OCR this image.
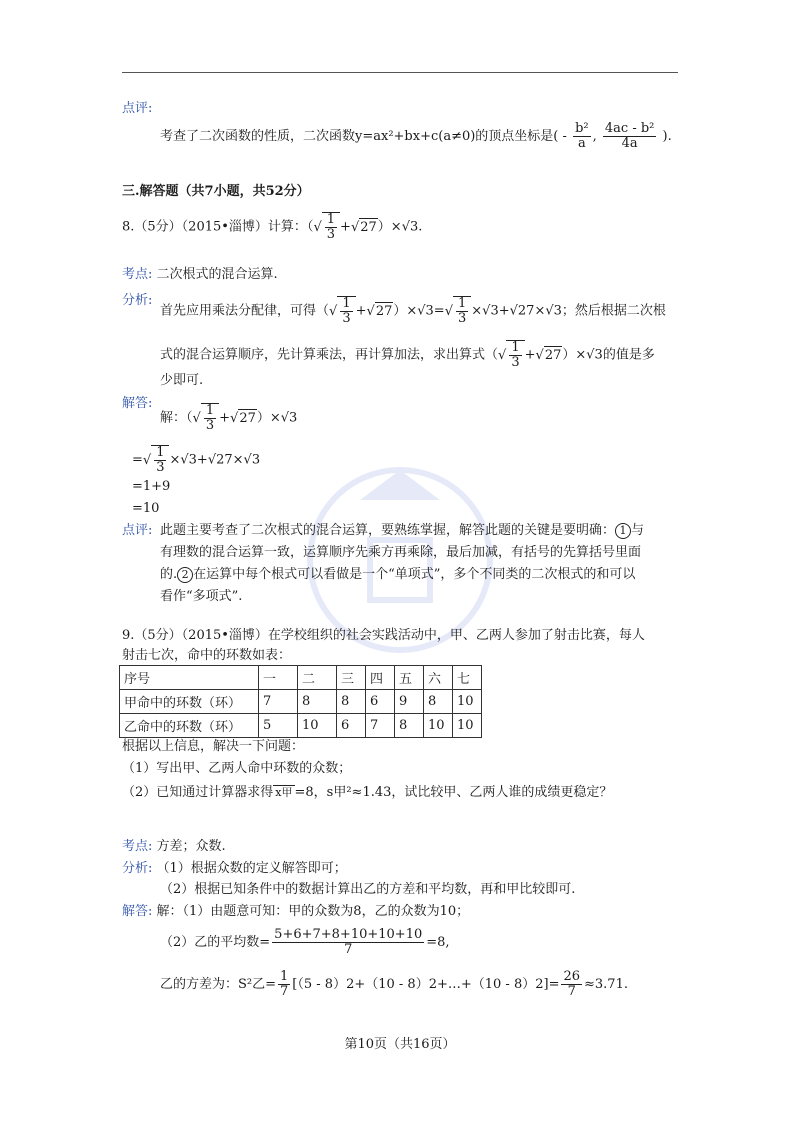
点评:
考查了二次函数的性质，二次函数y=ax²+bx+c(a≠0)的顶点坐标是( - $\frac{\text{b²}}{a}$ , $\frac{\text{4ac - b²}}{4a}$ ).
三.解答题（共7小题，共52分）
8.（5分）（2015•淄博）计算：（√ $\frac{1}{3} +√27)\times√3$.
考点: 二次根式的混合运算.
分析:
首先应用乘法分配律，可得（√ $\frac{1}{3} +√27)\times√3=√ \frac{1}{3} \times√3+√27\times√3$；然后根据二次根
式的混合运算顺序，先计算乘法，再计算加法，求出算式（√ $\frac{1}{3} +√27)\times√3$的值是多
少即可.
解答:
解：（√ $\frac{1}{3} +√27)\times√3$
=√ $\frac{1}{3} \times√3+√27\times√3$
=1+9
=10
点评: 此题主要考查了二次根式的混合运算，要熟练掌握，解答此题的关键是要明确： 1 与
有理数的混合运算一致，运算顺序先乘方再乘除，最后加减，有括号的先算括号里面
的. 2 在运算中每个根式可以看做是一个“单项式”，多个不同类的二次根式的和可以
看作“多项式”.
9.（5分）（2015•淄博）在学校组织的社会实践活动中，甲、乙两人参加了射击比赛，每人
射击七次，命中的环数如表：
序号	一	二	三	四	五	六	七
甲命中的环数（环）	7	8	8	6	9	8	10
乙命中的环数（环）	5	10	6	7	8	10	10
根据以上信息，解决一下问题：
（1）写出甲、乙两人命中环数的众数；
（2）已知通过计算器求得 x甲 =8，s甲²≈1.43，试比较甲、乙两人谁的成绩更稳定？
考点: 方差；众数.
分析: （1）根据众数的定义解答即可；
（2）根据已知条件中的数据计算出乙的方差和平均数，再和甲比较即可.
解答: 解：（1）由题意可知：甲的众数为8，乙的众数为10；
（2）乙的平均数= $\frac{5+6+7+8+10+10+10}{7} =8$,
乙的方差为：S²乙= $\frac{1}{7} [(5 - 8)2+(10$ - 8）2+…+（10 - $8)2]= \frac{26}{7} \approx 3.71$.
第10页（共16页）
